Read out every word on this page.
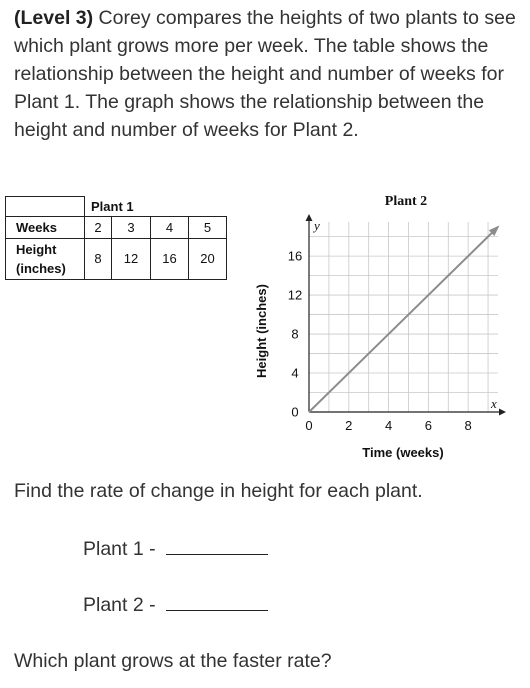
(Level 3) Corey compares the heights of two plants to see which plant grows more per week. The table shows the relationship between the height and number of weeks for Plant 1. The graph shows the relationship between the height and number of weeks for Plant 2.
	Plant 1			
Weeks	2	3	4	5
Height (inches)	8	12	16	20
0	2	4	6	8
0
4
8
12
16
Plant 2
Time (weeks)
Height (inches)
y
x
Find the rate of change in height for each plant.
Plant 1 -
Plant 2 -
Which plant grows at the faster rate?
